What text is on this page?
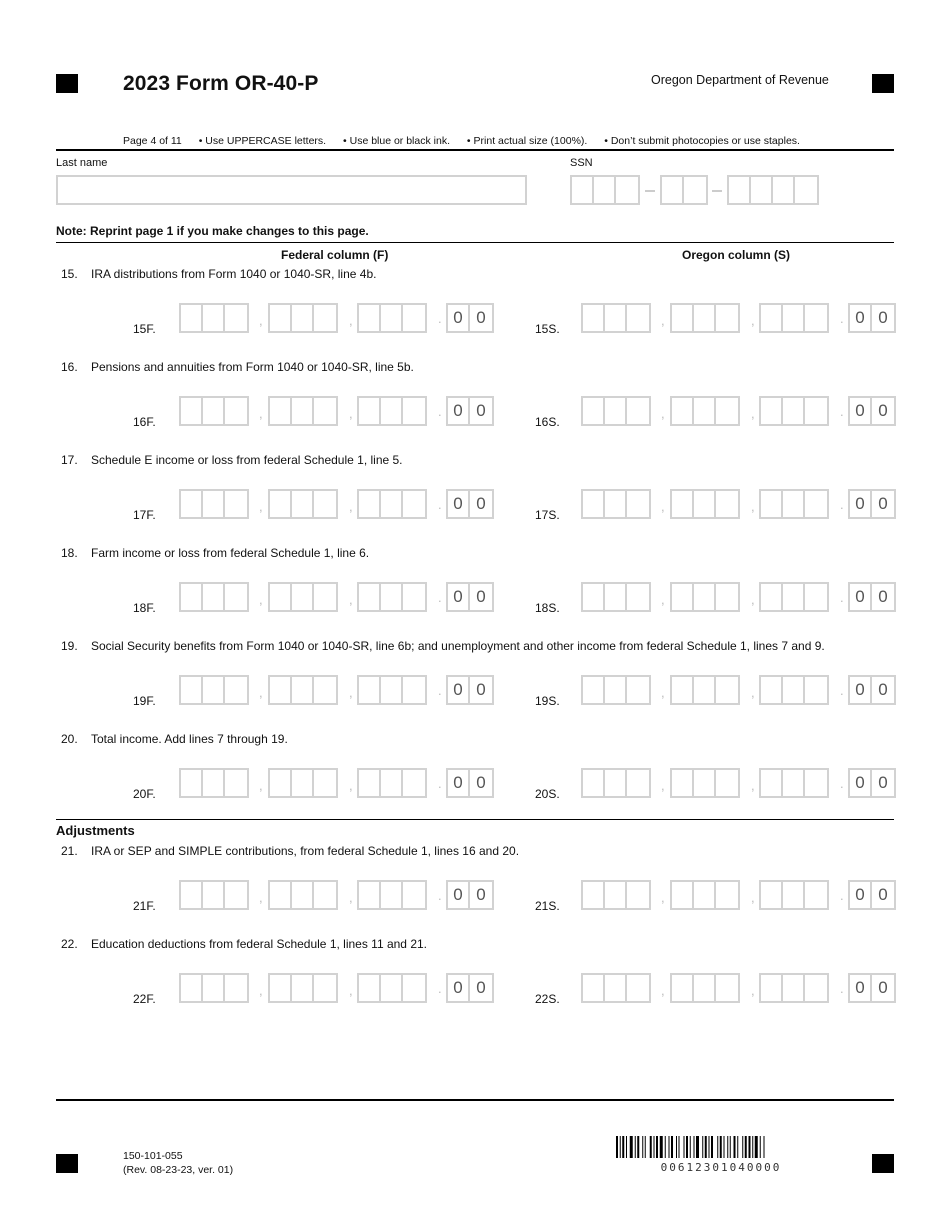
2023 Form OR-40-P	Oregon Department of Revenue
Page 4 of 11 • Use UPPERCASE letters. • Use blue or black ink. • Print actual size (100%). • Don’t submit photocopies or use staples.
Last name	SSN
Note: Reprint page 1 if you make changes to this page.
Federal column (F)	Oregon column (S)
15. IRA distributions from Form 1040 or 1040-SR, line 4b.
15F.
,	,	. 0 0
15S.
,	,	. 0 0
16. Pensions and annuities from Form 1040 or 1040-SR, line 5b.
16F.
,	,	. 0 0
16S.
,	,	. 0 0
17. Schedule E income or loss from federal Schedule 1, line 5.
17F.
,	,	. 0 0
17S.
,	,	. 0 0
18. Farm income or loss from federal Schedule 1, line 6.
18F.
,	,	. 0 0
18S.
,	,	. 0 0
19. Social Security benefits from Form 1040 or 1040-SR, line 6b; and unemployment and other income from federal Schedule 1, lines 7 and 9.
19F.
,	,	. 0 0
19S.
,	,	. 0 0
20. Total income. Add lines 7 through 19.
20F.
,	,	. 0 0
20S.
,	,	. 0 0
21. IRA or SEP and SIMPLE contributions, from federal Schedule 1, lines 16 and 20.
21F.
,	,	. 0 0
21S.
,	,	. 0 0
22. Education deductions from federal Schedule 1, lines 11 and 21.
22F.
,	,	. 0 0
22S.
,	,	. 0 0
Adjustments
150-101-055
(Rev. 08-23-23, ver. 01)	00612301040000
